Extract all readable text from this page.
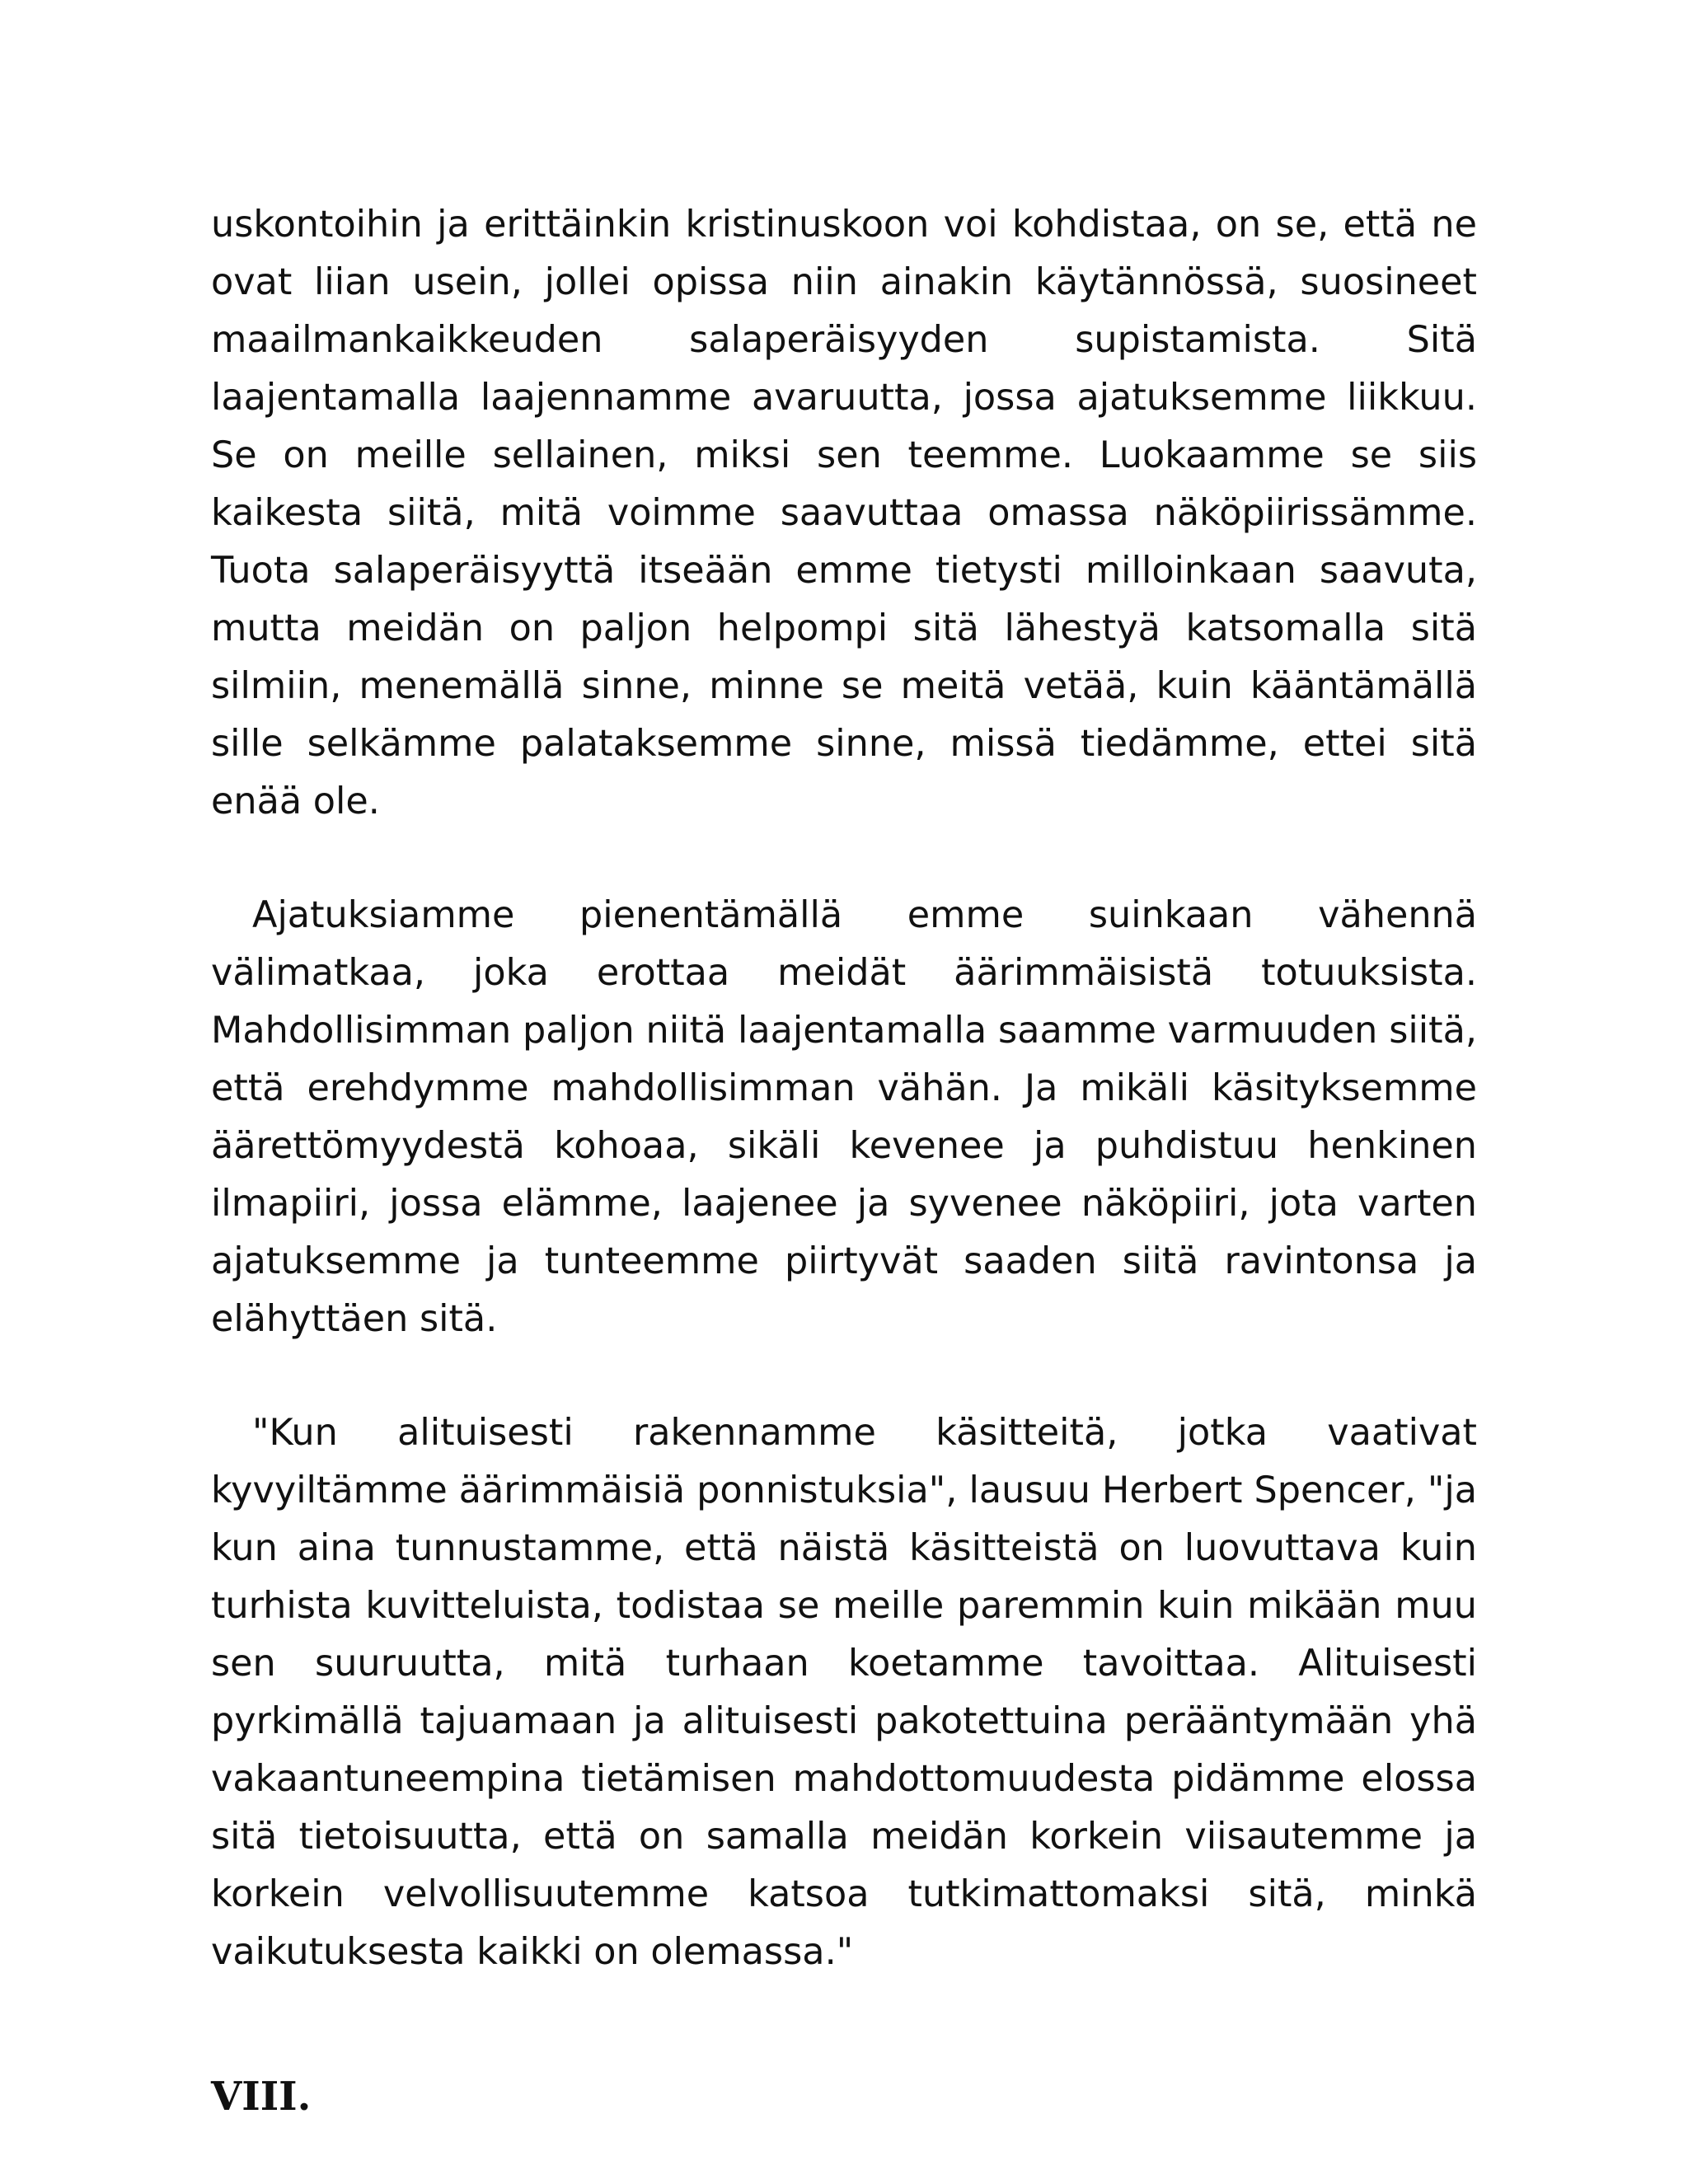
uskontoihin ja erittäinkin kristinuskoon voi kohdistaa, on se, että ne ovat liian usein, jollei opissa niin ainakin käytännössä, suosineet maailmankaikkeuden salaperäisyyden supistamista. Sitä laajentamalla laajennamme avaruutta, jossa ajatuksemme liikkuu. Se on meille sellainen, miksi sen teemme. Luokaamme se siis kaikesta siitä, mitä voimme saavuttaa omassa näköpiirissämme. Tuota salaperäisyyttä itseään emme tietysti milloinkaan saavuta, mutta meidän on paljon helpompi sitä lähestyä katsomalla sitä silmiin, menemällä sinne, minne se meitä vetää, kuin kääntämällä sille selkämme palataksemme sinne, missä tiedämme, ettei sitä enää ole.

Ajatuksiamme pienentämällä emme suinkaan vähennä välimatkaa, joka erottaa meidät äärimmäisistä totuuksista. Mahdollisimman paljon niitä laajentamalla saamme varmuuden siitä, että erehdymme mahdollisimman vähän. Ja mikäli käsityksemme äärettömyydestä kohoaa, sikäli kevenee ja puhdistuu henkinen ilmapiiri, jossa elämme, laajenee ja syvenee näköpiiri, jota varten ajatuksemme ja tunteemme piirtyvät saaden siitä ravintonsa ja elähyttäen sitä.

"Kun alituisesti rakennamme käsitteitä, jotka vaativat kyvyiltämme äärimmäisiä ponnistuksia", lausuu Herbert Spencer, "ja kun aina tunnustamme, että näistä käsitteistä on luovuttava kuin turhista kuvitteluista, todistaa se meille paremmin kuin mikään muu sen suuruutta, mitä turhaan koetamme tavoittaa. Alituisesti pyrkimällä tajuamaan ja alituisesti pakotettuina perääntymään yhä vakaantuneempina tietämisen mahdottomuudesta pidämme elossa sitä tietoisuutta, että on samalla meidän korkein viisautemme ja korkein velvollisuutemme katsoa tutkimattomaksi sitä, minkä vaikutuksesta kaikki on olemassa."

VIII.
